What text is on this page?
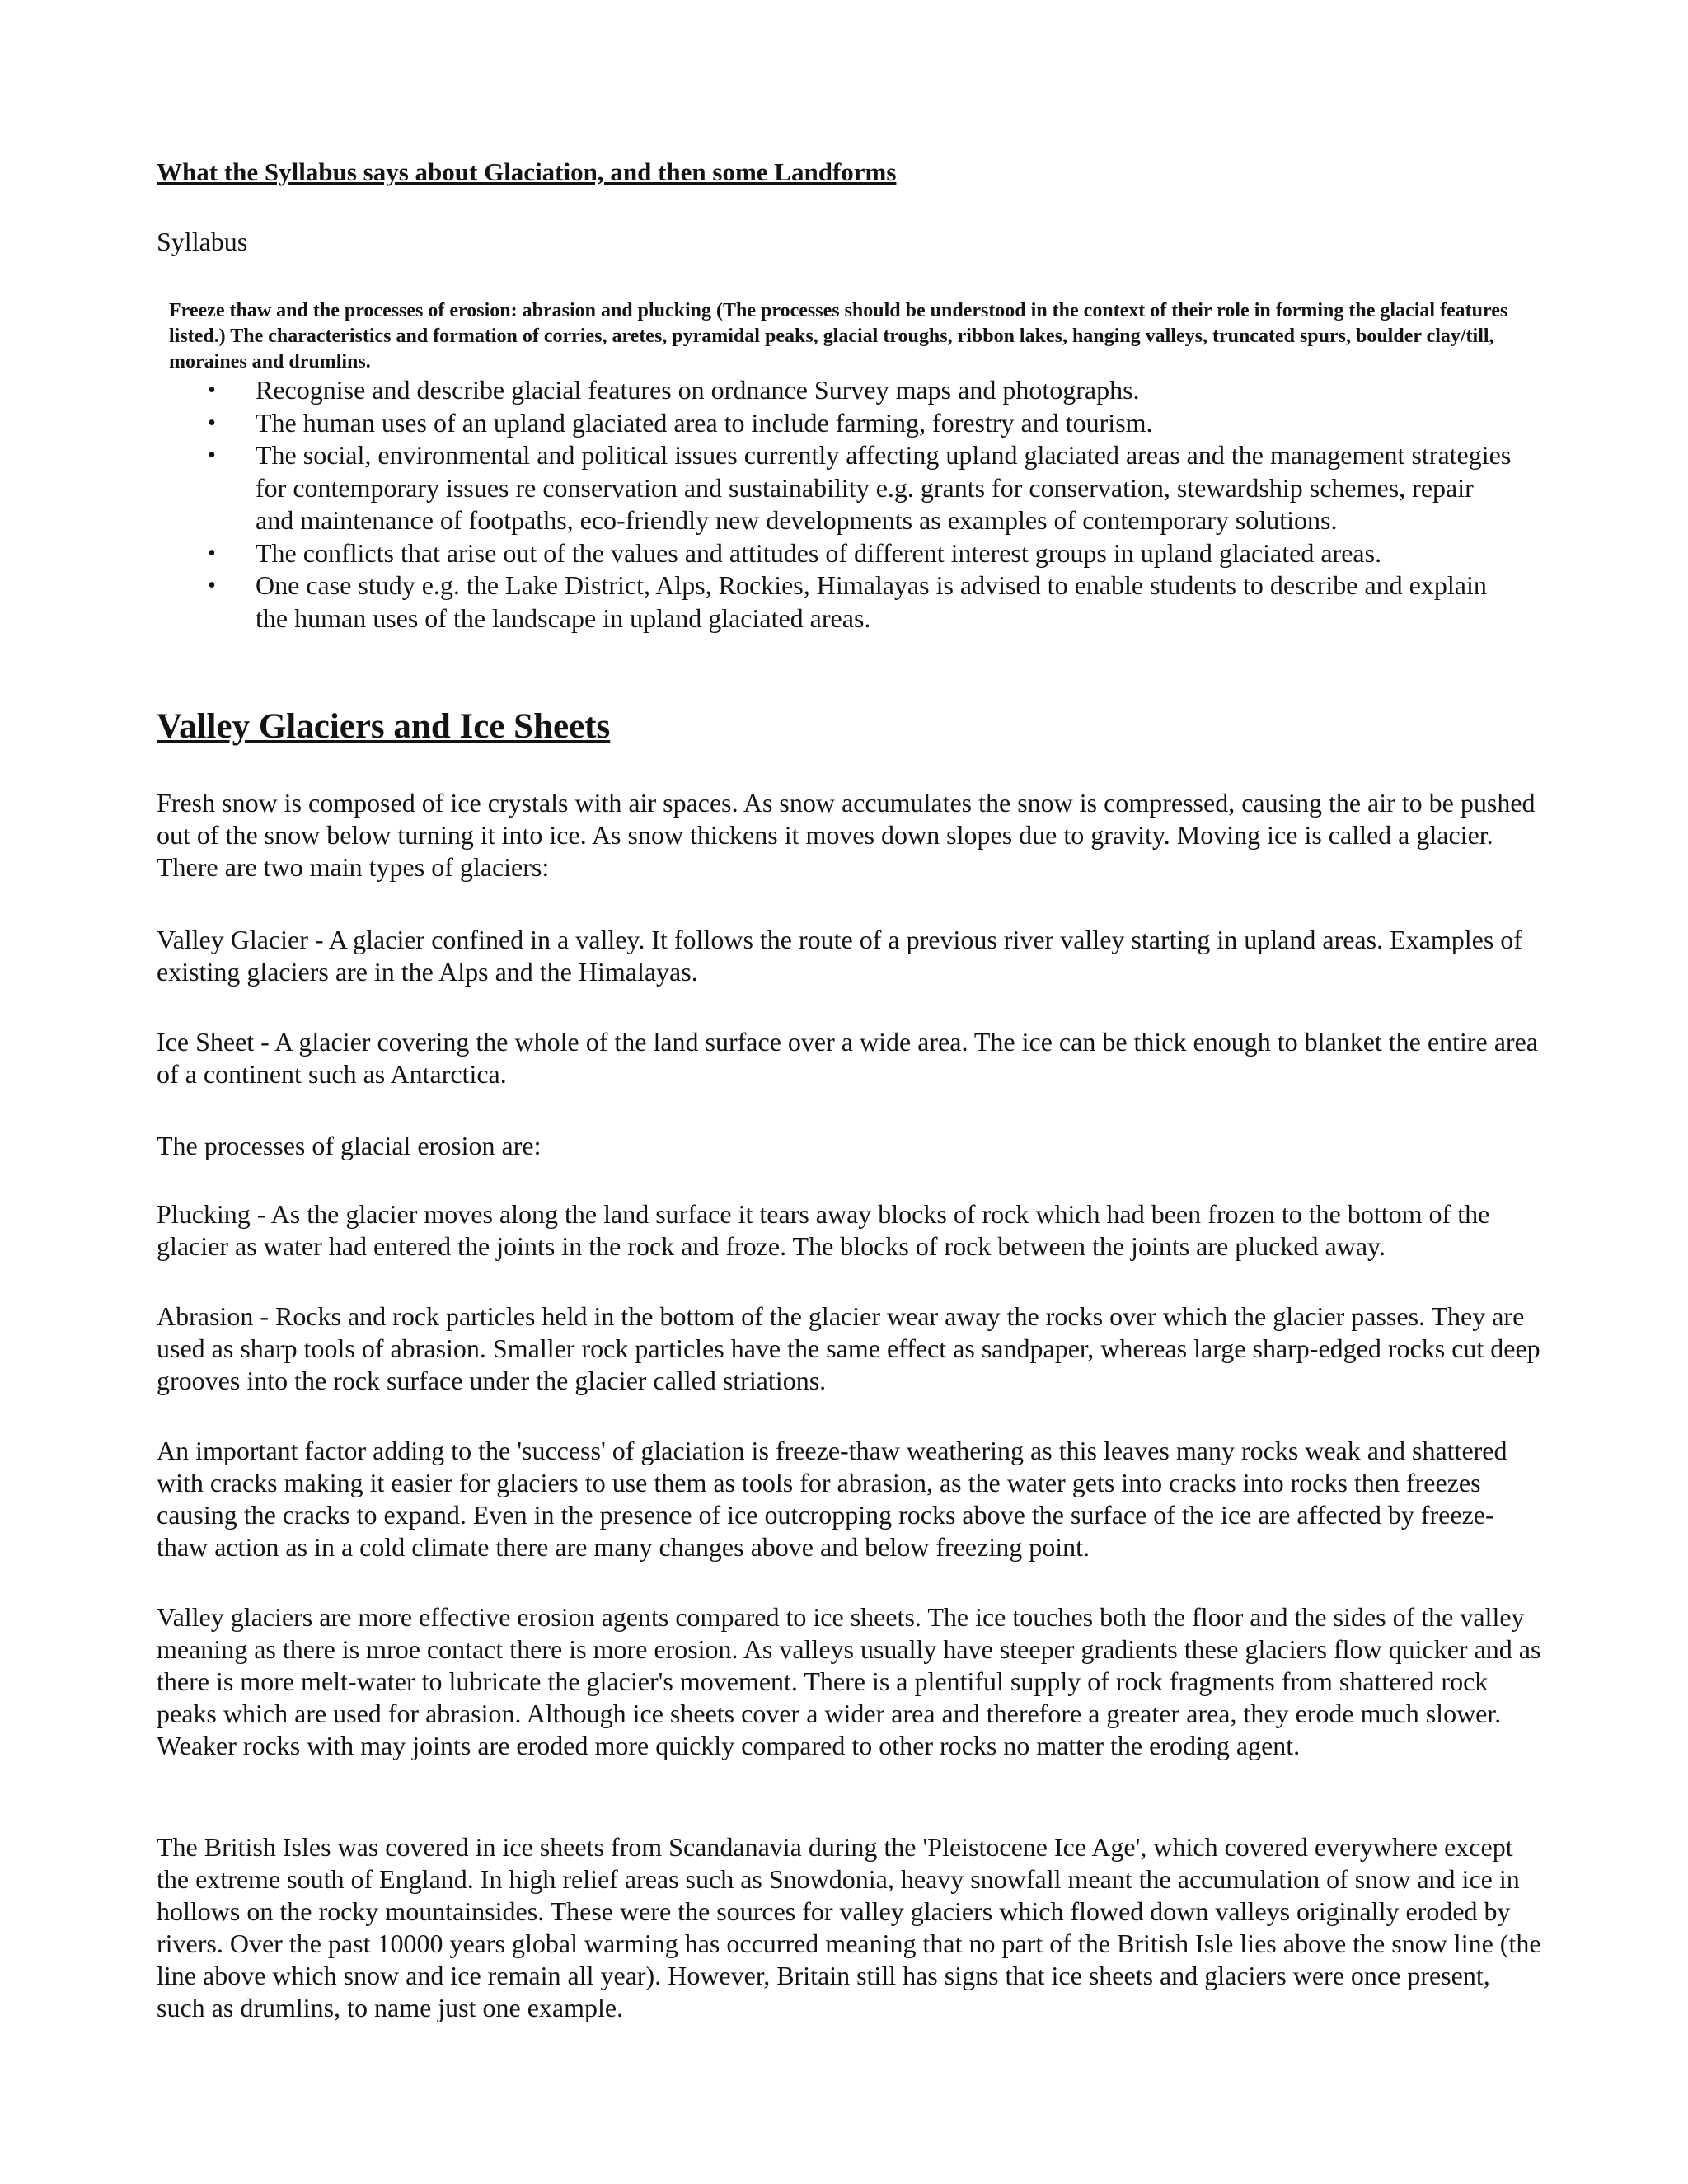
What the Syllabus says about Glaciation, and then some Landforms

Syllabus

Freeze thaw and the processes of erosion: abrasion and plucking (The processes should be understood in the context of their role in forming the glacial features listed.) The characteristics and formation of corries, aretes, pyramidal peaks, glacial troughs, ribbon lakes, hanging valleys, truncated spurs, boulder clay/till, moraines and drumlins.

• Recognise and describe glacial features on ordnance Survey maps and photographs.
• The human uses of an upland glaciated area to include farming, forestry and tourism.
• The social, environmental and political issues currently affecting upland glaciated areas and the management strategies for contemporary issues re conservation and sustainability e.g. grants for conservation, stewardship schemes, repair and maintenance of footpaths, eco-friendly new developments as examples of contemporary solutions.
• The conflicts that arise out of the values and attitudes of different interest groups in upland glaciated areas.
• One case study e.g. the Lake District, Alps, Rockies, Himalayas is advised to enable students to describe and explain the human uses of the landscape in upland glaciated areas.
Valley Glaciers and Ice Sheets

Fresh snow is composed of ice crystals with air spaces. As snow accumulates the snow is compressed, causing the air to be pushed out of the snow below turning it into ice. As snow thickens it moves down slopes due to gravity. Moving ice is called a glacier. There are two main types of glaciers:

Valley Glacier - A glacier confined in a valley. It follows the route of a previous river valley starting in upland areas. Examples of existing glaciers are in the Alps and the Himalayas.

Ice Sheet - A glacier covering the whole of the land surface over a wide area. The ice can be thick enough to blanket the entire area of a continent such as Antarctica.

The processes of glacial erosion are:

Plucking - As the glacier moves along the land surface it tears away blocks of rock which had been frozen to the bottom of the glacier as water had entered the joints in the rock and froze. The blocks of rock between the joints are plucked away.

Abrasion - Rocks and rock particles held in the bottom of the glacier wear away the rocks over which the glacier passes. They are used as sharp tools of abrasion. Smaller rock particles have the same effect as sandpaper, whereas large sharp-edged rocks cut deep grooves into the rock surface under the glacier called striations.

An important factor adding to the 'success' of glaciation is freeze-thaw weathering as this leaves many rocks weak and shattered with cracks making it easier for glaciers to use them as tools for abrasion, as the water gets into cracks into rocks then freezes causing the cracks to expand. Even in the presence of ice outcropping rocks above the surface of the ice are affected by freeze-thaw action as in a cold climate there are many changes above and below freezing point.

Valley glaciers are more effective erosion agents compared to ice sheets. The ice touches both the floor and the sides of the valley meaning as there is mroe contact there is more erosion. As valleys usually have steeper gradients these glaciers flow quicker and as there is more melt-water to lubricate the glacier's movement. There is a plentiful supply of rock fragments from shattered rock peaks which are used for abrasion. Although ice sheets cover a wider area and therefore a greater area, they erode much slower. Weaker rocks with may joints are eroded more quickly compared to other rocks no matter the eroding agent.

The British Isles was covered in ice sheets from Scandanavia during the 'Pleistocene Ice Age', which covered everywhere except the extreme south of England. In high relief areas such as Snowdonia, heavy snowfall meant the accumulation of snow and ice in hollows on the rocky mountainsides. These were the sources for valley glaciers which flowed down valleys originally eroded by rivers. Over the past 10000 years global warming has occurred meaning that no part of the British Isle lies above the snow line (the line above which snow and ice remain all year). However, Britain still has signs that ice sheets and glaciers were once present, such as drumlins, to name just one example.
